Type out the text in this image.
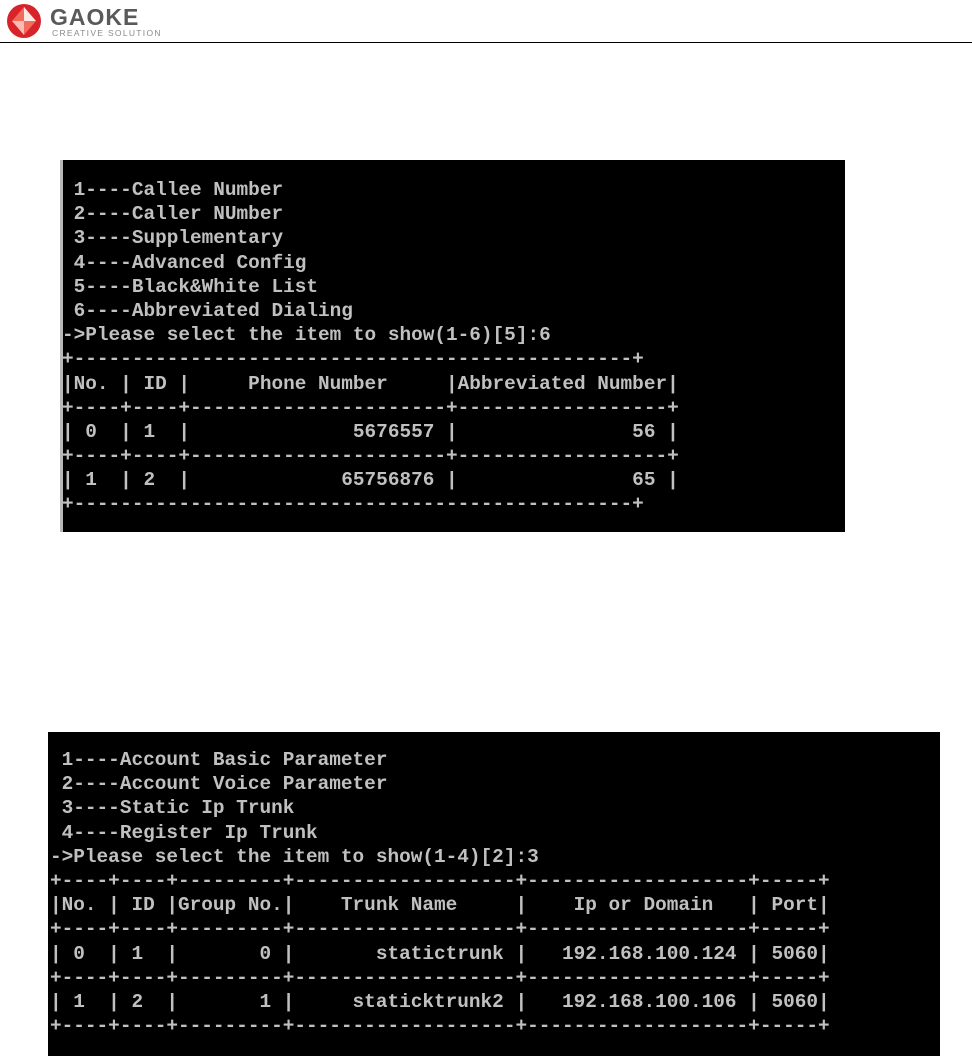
GAOKE
CREATIVE SOLUTION
1----Callee Number
2----Caller NUmber
3----Supplementary
4----Advanced Config
5----Black&White List
6----Abbreviated Dialing
->Please select the item to show(1-6)[5]:6
+------------------------------------------------+
|No. | ID |     Phone Number     |Abbreviated Number|
+----+----+----------------------+------------------+
| 0  | 1  |              5676557 |               56 |
+----+----+----------------------+------------------+
| 1  | 2  |             65756876 |               65 |
+------------------------------------------------+
1----Account Basic Parameter
2----Account Voice Parameter
3----Static Ip Trunk
4----Register Ip Trunk
->Please select the item to show(1-4)[2]:3
+----+----+---------+-------------------+-------------------+-----+
|No. | ID |Group No.|    Trunk Name     |    Ip or Domain   | Port|
+----+----+---------+-------------------+-------------------+-----+
| 0  | 1  |       0 |       statictrunk |   192.168.100.124 | 5060|
+----+----+---------+-------------------+-------------------+-----+
| 1  | 2  |       1 |     staticktrunk2 |   192.168.100.106 | 5060|
+----+----+---------+-------------------+-------------------+-----+
